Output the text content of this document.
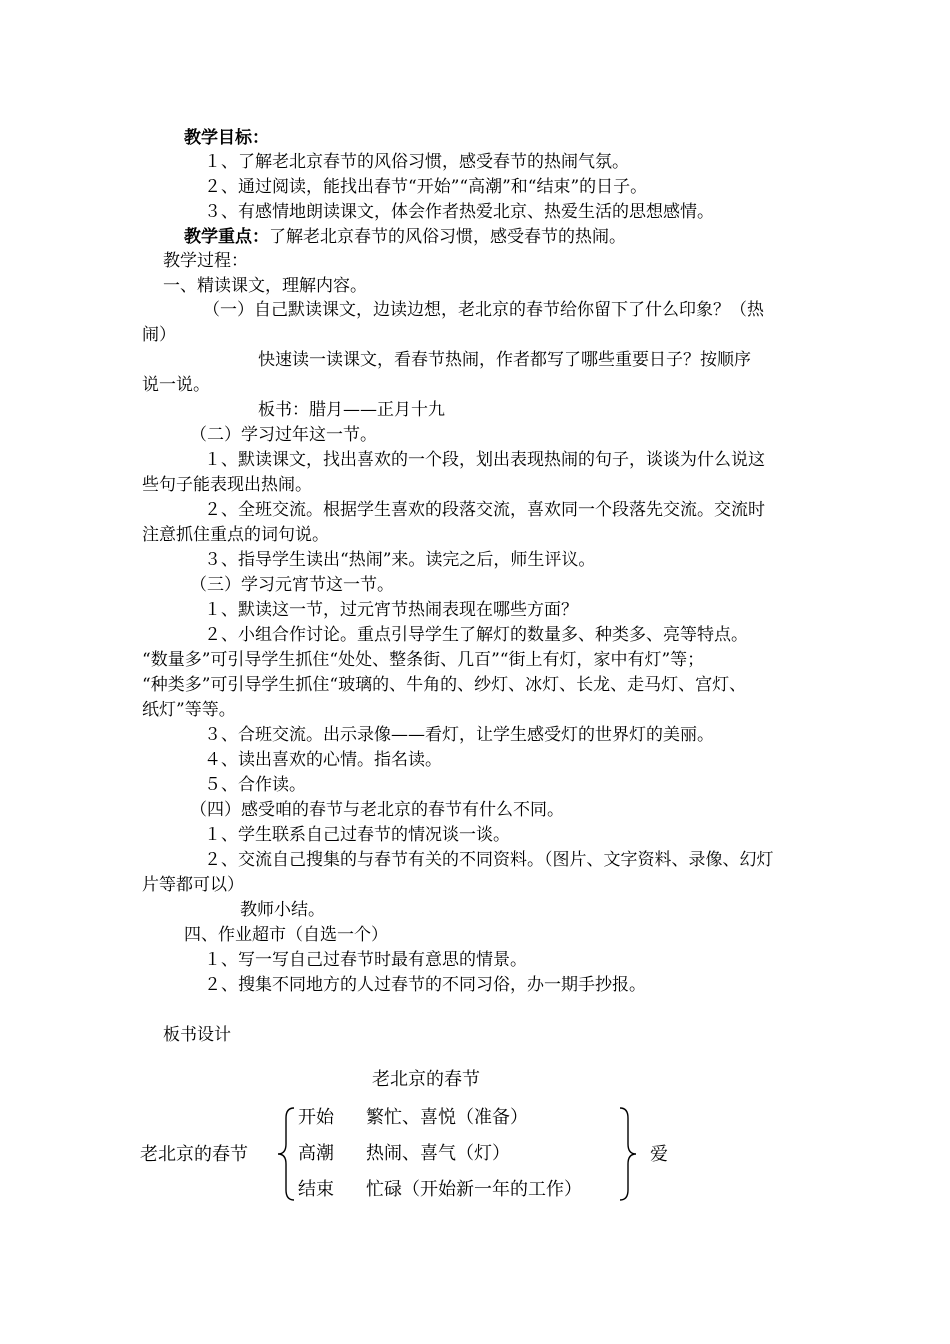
教学目标：
１、了解老北京春节的风俗习惯，感受春节的热闹气氛。
２、通过阅读，能找出春节“开始”“高潮”和“结束”的日子。
３、有感情地朗读课文，体会作者热爱北京、热爱生活的思想感情。
教学重点：了解老北京春节的风俗习惯，感受春节的热闹。
教学过程：
一、精读课文，理解内容。
（一）自己默读课文，边读边想，老北京的春节给你留下了什么印象？（热
闹）
快速读一读课文，看春节热闹，作者都写了哪些重要日子？按顺序
说一说。
板书：腊月——正月十九
（二）学习过年这一节。
１、默读课文，找出喜欢的一个段，划出表现热闹的句子，谈谈为什么说这
些句子能表现出热闹。
２、全班交流。根据学生喜欢的段落交流，喜欢同一个段落先交流。交流时
注意抓住重点的词句说。
３、指导学生读出“热闹”来。读完之后，师生评议。
（三）学习元宵节这一节。
１、默读这一节，过元宵节热闹表现在哪些方面？
２、小组合作讨论。重点引导学生了解灯的数量多、种类多、亮等特点。
“数量多”可引导学生抓住“处处、整条街、几百”“街上有灯，家中有灯”等；
“种类多”可引导学生抓住“玻璃的、牛角的、纱灯、冰灯、长龙、走马灯、宫灯、
纸灯”等等。
３、合班交流。出示录像——看灯，让学生感受灯的世界灯的美丽。
４、读出喜欢的心情。指名读。
５、合作读。
（四）感受咱的春节与老北京的春节有什么不同。
１、学生联系自己过春节的情况谈一谈。
２、交流自己搜集的与春节有关的不同资料。（图片、文字资料、录像、幻灯
片等都可以）
教师小结。
四、作业超市（自选一个）
１、写一写自己过春节时最有意思的情景。
２、搜集不同地方的人过春节的不同习俗，办一期手抄报。
板书设计
老北京的春节
老北京的春节
开始 繁忙、喜悦（准备）
高潮 热闹、喜气（灯）
结束 忙碌（开始新一年的工作）
爱
